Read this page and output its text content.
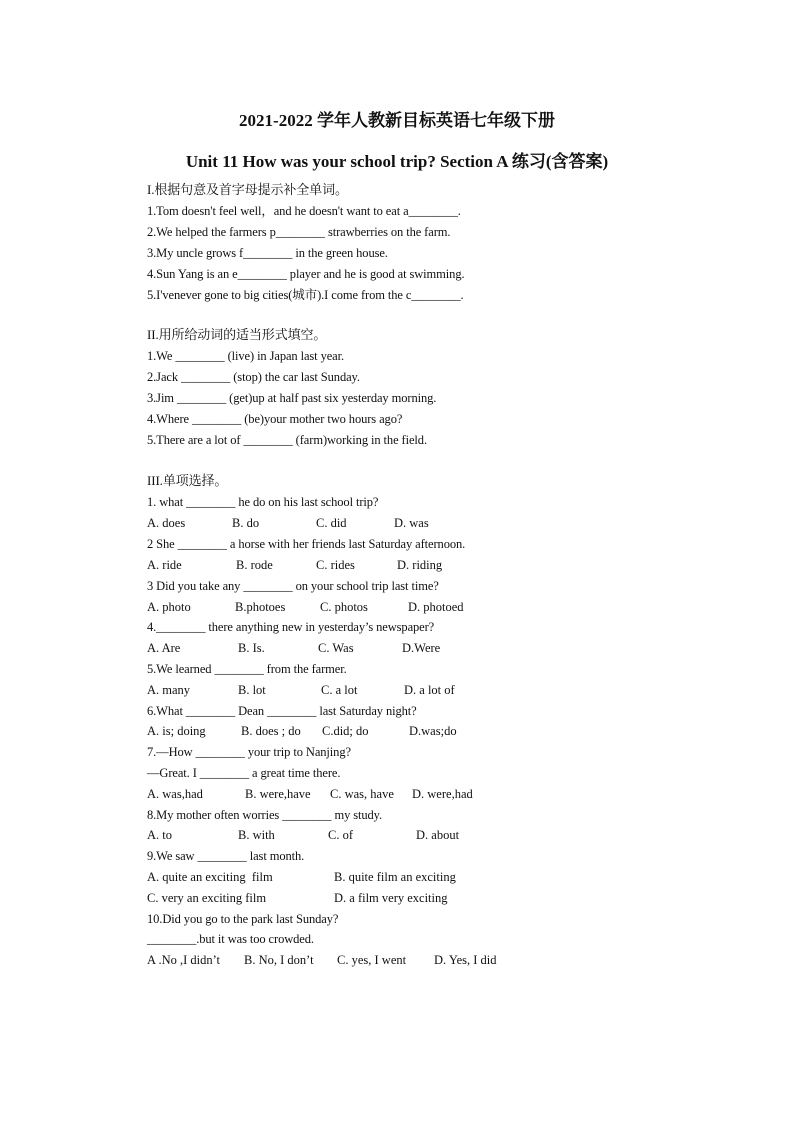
2021-2022 学年人教新目标英语七年级下册
Unit 11 How was your school trip? Section A 练习(含答案)
I.根据句意及首字母提示补全单词。
1.Tom doesn't feel well，and he doesn't want to eat a________.
2.We helped the farmers p________ strawberries on the farm.
3.My uncle grows f________ in the green house.
4.Sun Yang is an e________ player and he is good at swimming.
5.I'venever gone to big cities(城市).I come from the c________.
II.用所给动词的适当形式填空。
1.We ________ (live) in Japan last year.
2.Jack ________ (stop) the car last Sunday.
3.Jim ________ (get)up at half past six yesterday morning.
4.Where ________ (be)your mother two hours ago?
5.There are a lot of ________ (farm)working in the field.
III.单项选择。
1. what ________ he do on his last school trip?
A. does	B. do	C. did	D. was
2 She ________ a horse with her friends last Saturday afternoon.
A. ride	B. rode	C. rides	D. riding
3 Did you take any ________ on your school trip last time?
A. photo	B.photoes	C. photos	D. photoed
4.________ there anything new in yesterday’s newspaper?
A. Are	B. Is.	C. Was	D.Were
5.We learned ________ from the farmer.
A. many	B. lot	C. a lot	D. a lot of
6.What ________ Dean ________ last Saturday night?
A. is; doing	B. does ; do C.did; do	D.was;do
7.—How ________ your trip to Nanjing?
—Great. I ________ a great time there.
A. was,had	B. were,have C. was, have D. were,had
8.My mother often worries ________ my study.
A. to	B. with	C. of	D. about
9.We saw ________ last month.
A. quite an exciting  film	B. quite film an exciting
C. very an exciting film	D. a film very exciting
10.Did you go to the park last Sunday?
________.but it was too crowded.
A .No ,I didn’t B. No, I don’t C. yes, I went D. Yes, I did
